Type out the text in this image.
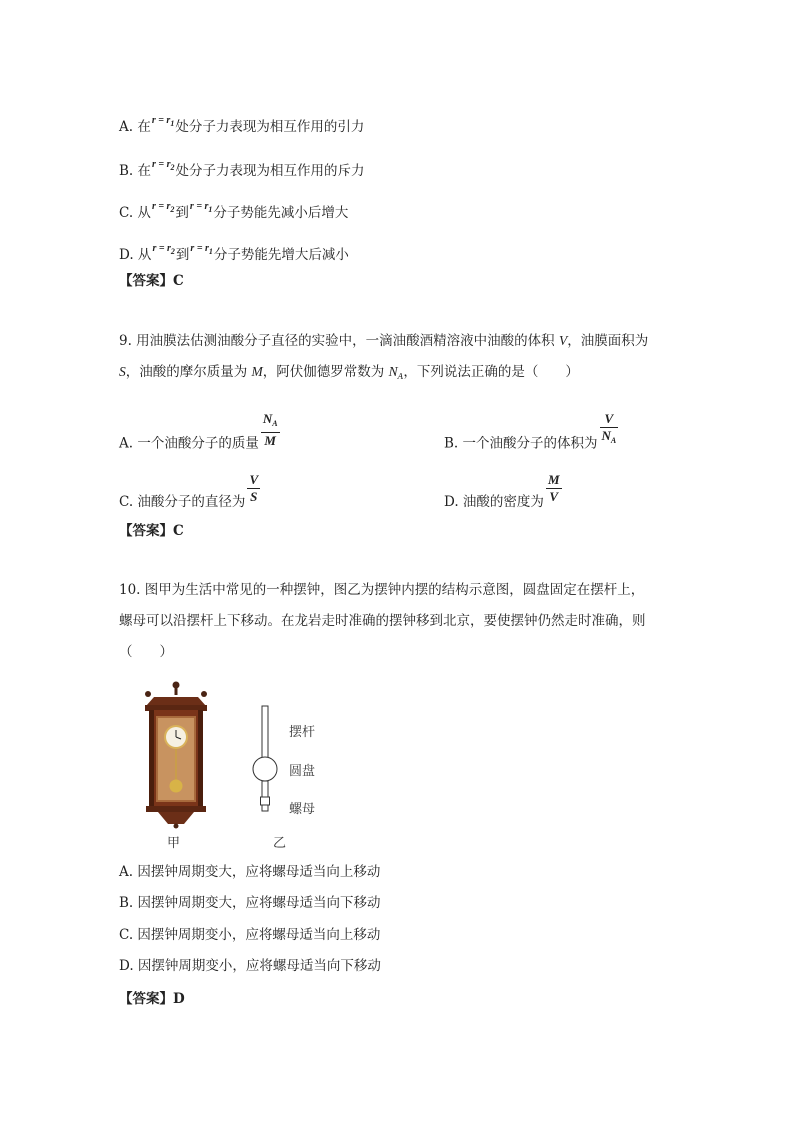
A. 在$r = r_1$处分子力表现为相互作用的引力
B. 在$r = r_2$处分子力表现为相互作用的斥力
C. 从$r = r_2$到$r = r_1$分子势能先减小后增大
D. 从$r = r_2$到$r = r_1$分子势能先增大后减小
【答案】C
9. 用油膜法估测油酸分子直径的实验中，一滴油酸酒精溶液中油酸的体积 V，油膜面积为
S，油酸的摩尔质量为 M，阿伏伽德罗常数为 $N_A$，下列说法正确的是（　　）
A. 一个油酸分子的质量 $\frac{N_A}{M}$	B. 一个油酸分子的体积为 $\frac{V}{N_A}$
C. 油酸分子的直径为 $\frac{V}{S}$	D. 油酸的密度为 $\frac{M}{V}$
【答案】C
10. 图甲为生活中常见的一种摆钟，图乙为摆钟内摆的结构示意图，圆盘固定在摆杆上，
螺母可以沿摆杆上下移动。在龙岩走时准确的摆钟移到北京，要使摆钟仍然走时准确，则
（　　）
摆杆
圆盘
螺母
甲	乙
A. 因摆钟周期变大，应将螺母适当向上移动
B. 因摆钟周期变大，应将螺母适当向下移动
C. 因摆钟周期变小，应将螺母适当向上移动
D. 因摆钟周期变小，应将螺母适当向下移动
【答案】D
